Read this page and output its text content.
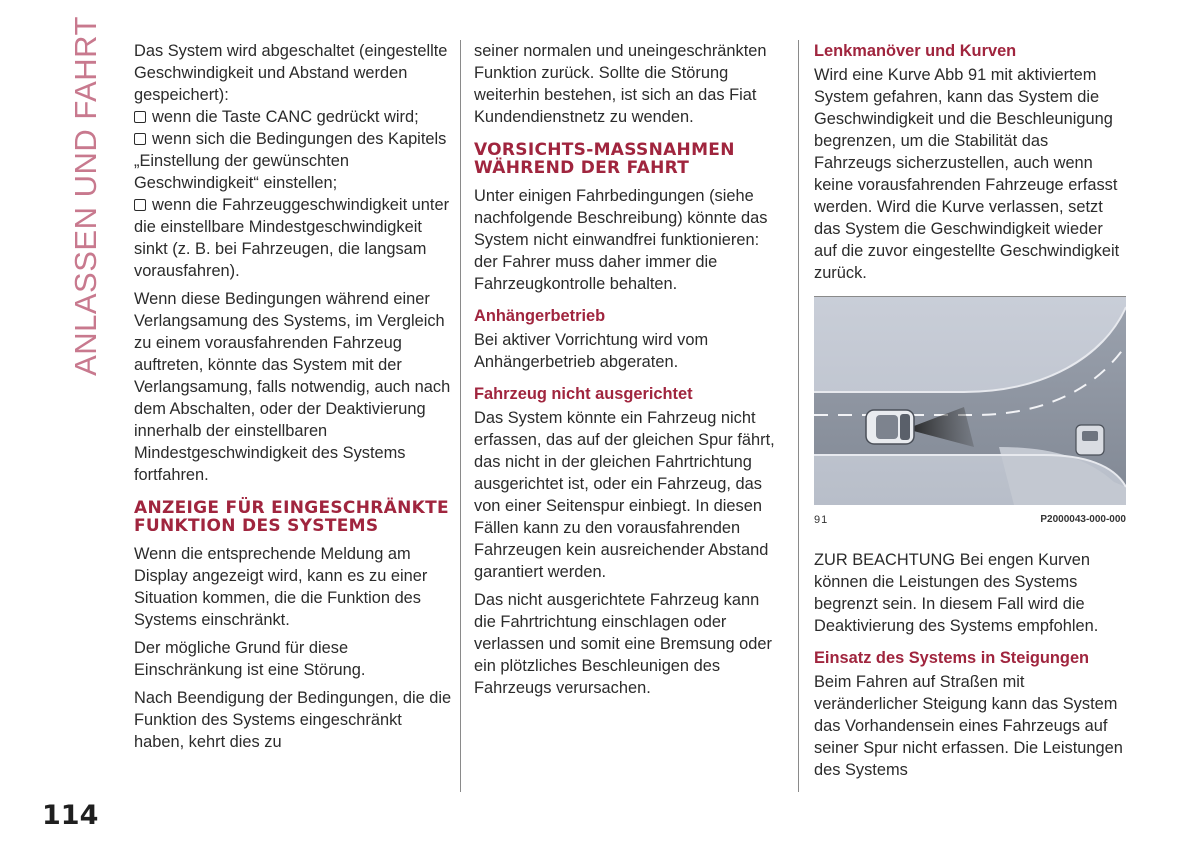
ANLASSEN UND FAHRT Das System wird abgeschaltet (eingestellte Geschwindigkeit und Abstand werden gespeichert):

wenn die Taste CANC gedrückt wird;

wenn sich die Bedingungen des Kapitels „Einstellung der gewünschten Geschwindigkeit“ einstellen;

wenn die Fahrzeuggeschwindigkeit unter die einstellbare Mindestgeschwindigkeit sinkt (z. B. bei Fahrzeugen, die langsam vorausfahren).

Wenn diese Bedingungen während einer Verlangsamung des Systems, im Vergleich zu einem vorausfahrenden Fahrzeug auftreten, könnte das System mit der Verlangsamung, falls notwendig, auch nach dem Abschalten, oder der Deaktivierung innerhalb der einstellbaren Mindestgeschwindigkeit des Systems fortfahren.

ANZEIGE FÜR EINGESCHRÄNKTE FUNKTION DES SYSTEMS

Wenn die entsprechende Meldung am Display angezeigt wird, kann es zu einer Situation kommen, die die Funktion des Systems einschränkt.

Der mögliche Grund für diese Einschränkung ist eine Störung.

Nach Beendigung der Bedingungen, die die Funktion des Systems eingeschränkt haben, kehrt dies zu

seiner normalen und uneingeschränkten Funktion zurück. Sollte die Störung weiterhin bestehen, ist sich an das Fiat Kundendienstnetz zu wenden.

VORSICHTS-MASSNAHMEN WÄHREND DER FAHRT

Unter einigen Fahrbedingungen (siehe nachfolgende Beschreibung) könnte das System nicht einwandfrei funktionieren: der Fahrer muss daher immer die Fahrzeugkontrolle behalten.

Anhängerbetrieb

Bei aktiver Vorrichtung wird vom Anhängerbetrieb abgeraten.

Fahrzeug nicht ausgerichtet

Das System könnte ein Fahrzeug nicht erfassen, das auf der gleichen Spur fährt, das nicht in der gleichen Fahrtrichtung ausgerichtet ist, oder ein Fahrzeug, das von einer Seitenspur einbiegt. In diesen Fällen kann zu den vorausfahrenden Fahrzeugen kein ausreichender Abstand garantiert werden.

Das nicht ausgerichtete Fahrzeug kann die Fahrtrichtung einschlagen oder verlassen und somit eine Bremsung oder ein plötzliches Beschleunigen des Fahrzeugs verursachen.

Lenkmanöver und Kurven

Wird eine Kurve Abb 91 mit aktiviertem System gefahren, kann das System die Geschwindigkeit und die Beschleunigung begrenzen, um die Stabilität das Fahrzeugs sicherzustellen, auch wenn keine vorausfahrenden Fahrzeuge erfasst werden. Wird die Kurve verlassen, setzt das System die Geschwindigkeit wieder auf die zuvor eingestellte Geschwindigkeit zurück.

91	P2000043-000-000

ZUR BEACHTUNG Bei engen Kurven können die Leistungen des Systems begrenzt sein. In diesem Fall wird die Deaktivierung des Systems empfohlen.

Einsatz des Systems in Steigungen

Beim Fahren auf Straßen mit veränderlicher Steigung kann das System das Vorhandensein eines Fahrzeugs auf seiner Spur nicht erfassen. Die Leistungen des Systems

114
